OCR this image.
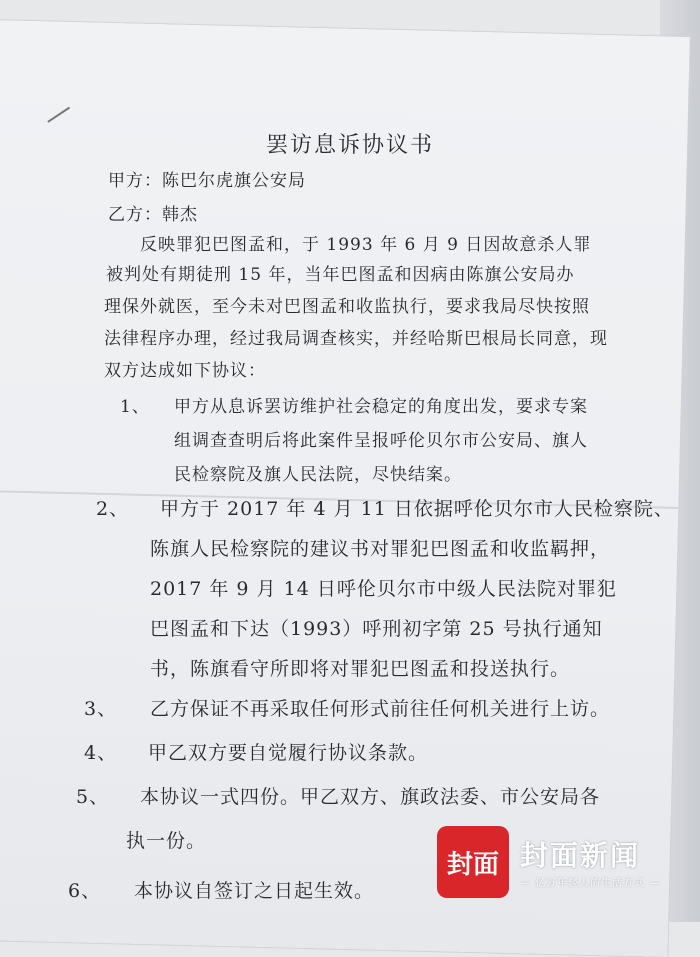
罢访息诉协议书
甲方：陈巴尔虎旗公安局
乙方：韩杰
反映罪犯巴图孟和，于 1993 年 6 月 9 日因故意杀人罪
被判处有期徒刑 15 年，当年巴图孟和因病由陈旗公安局办
理保外就医，至今未对巴图孟和收监执行，要求我局尽快按照
法律程序办理，经过我局调查核实，并经哈斯巴根局长同意，现
双方达成如下协议：
1、 甲方从息诉罢访维护社会稳定的角度出发，要求专案
组调查查明后将此案件呈报呼伦贝尔市公安局、旗人
民检察院及旗人民法院，尽快结案。
2、 甲方于 2017 年 4 月 11 日依据呼伦贝尔市人民检察院、
陈旗人民检察院的建议书对罪犯巴图孟和收监羁押，
2017 年 9 月 14 日呼伦贝尔市中级人民法院对罪犯
巴图孟和下达（1993）呼刑初字第 25 号执行通知
书，陈旗看守所即将对罪犯巴图孟和投送执行。
3、 乙方保证不再采取任何形式前往任何机关进行上访。
4、 甲乙双方要自觉履行协议条款。
5、 本协议一式四份。甲乙双方、旗政法委、市公安局各
执一份。
6、 本协议自签订之日起生效。
封面 封面新闻
— 亿万年轻人的生活方式 —
